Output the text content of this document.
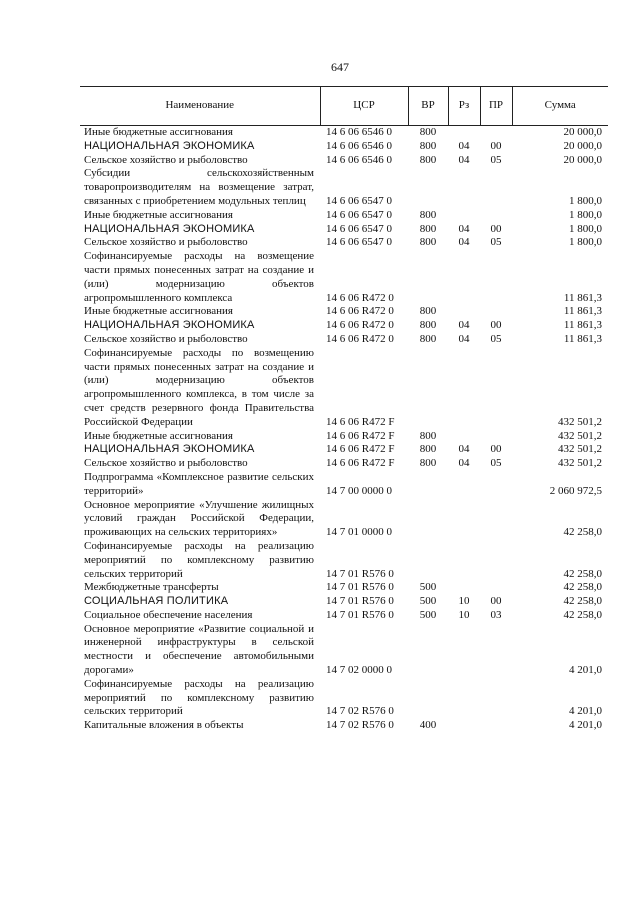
647
Наименование	ЦСР	ВР	Рз	ПР	Сумма
Иные бюджетные ассигнования	14 6 06 6546 0	800			20 000,0
НАЦИОНАЛЬНАЯ ЭКОНОМИКА	14 6 06 6546 0	800	04	00	20 000,0
Сельское хозяйство и рыболовство	14 6 06 6546 0	800	04	05	20 000,0
Субсидии сельскохозяйственным товаропроизводителям на возмещение затрат, связанных с приобретением модульных теплиц	14 6 06 6547 0				1 800,0
Иные бюджетные ассигнования	14 6 06 6547 0	800			1 800,0
НАЦИОНАЛЬНАЯ ЭКОНОМИКА	14 6 06 6547 0	800	04	00	1 800,0
Сельское хозяйство и рыболовство	14 6 06 6547 0	800	04	05	1 800,0
Софинансируемые расходы на возмещение части прямых понесенных затрат на создание и (или) модернизацию объектов агропромышленного комплекса	14 6 06 R472 0				11 861,3
Иные бюджетные ассигнования	14 6 06 R472 0	800			11 861,3
НАЦИОНАЛЬНАЯ ЭКОНОМИКА	14 6 06 R472 0	800	04	00	11 861,3
Сельское хозяйство и рыболовство	14 6 06 R472 0	800	04	05	11 861,3
Софинансируемые расходы по возмещению части прямых понесенных затрат на создание и (или) модернизацию объектов агропромышленного комплекса, в том числе за счет средств резервного фонда Правительства Российской Федерации	14 6 06 R472 F				432 501,2
Иные бюджетные ассигнования	14 6 06 R472 F	800			432 501,2
НАЦИОНАЛЬНАЯ ЭКОНОМИКА	14 6 06 R472 F	800	04	00	432 501,2
Сельское хозяйство и рыболовство	14 6 06 R472 F	800	04	05	432 501,2
Подпрограмма «Комплексное развитие сельских территорий»	14 7 00 0000 0				2 060 972,5
Основное мероприятие «Улучшение жилищных условий граждан Российской Федерации, проживающих на сельских территориях»	14 7 01 0000 0				42 258,0
Софинансируемые расходы на реализацию мероприятий по комплексному развитию сельских территорий	14 7 01 R576 0				42 258,0
Межбюджетные трансферты	14 7 01 R576 0	500			42 258,0
СОЦИАЛЬНАЯ ПОЛИТИКА	14 7 01 R576 0	500	10	00	42 258,0
Социальное обеспечение населения	14 7 01 R576 0	500	10	03	42 258,0
Основное мероприятие «Развитие социальной и инженерной инфраструктуры в сельской местности и обеспечение автомобильными дорогами»	14 7 02 0000 0				4 201,0
Софинансируемые расходы на реализацию мероприятий по комплексному развитию сельских территорий	14 7 02 R576 0				4 201,0
Капитальные вложения в объекты	14 7 02 R576 0	400			4 201,0
